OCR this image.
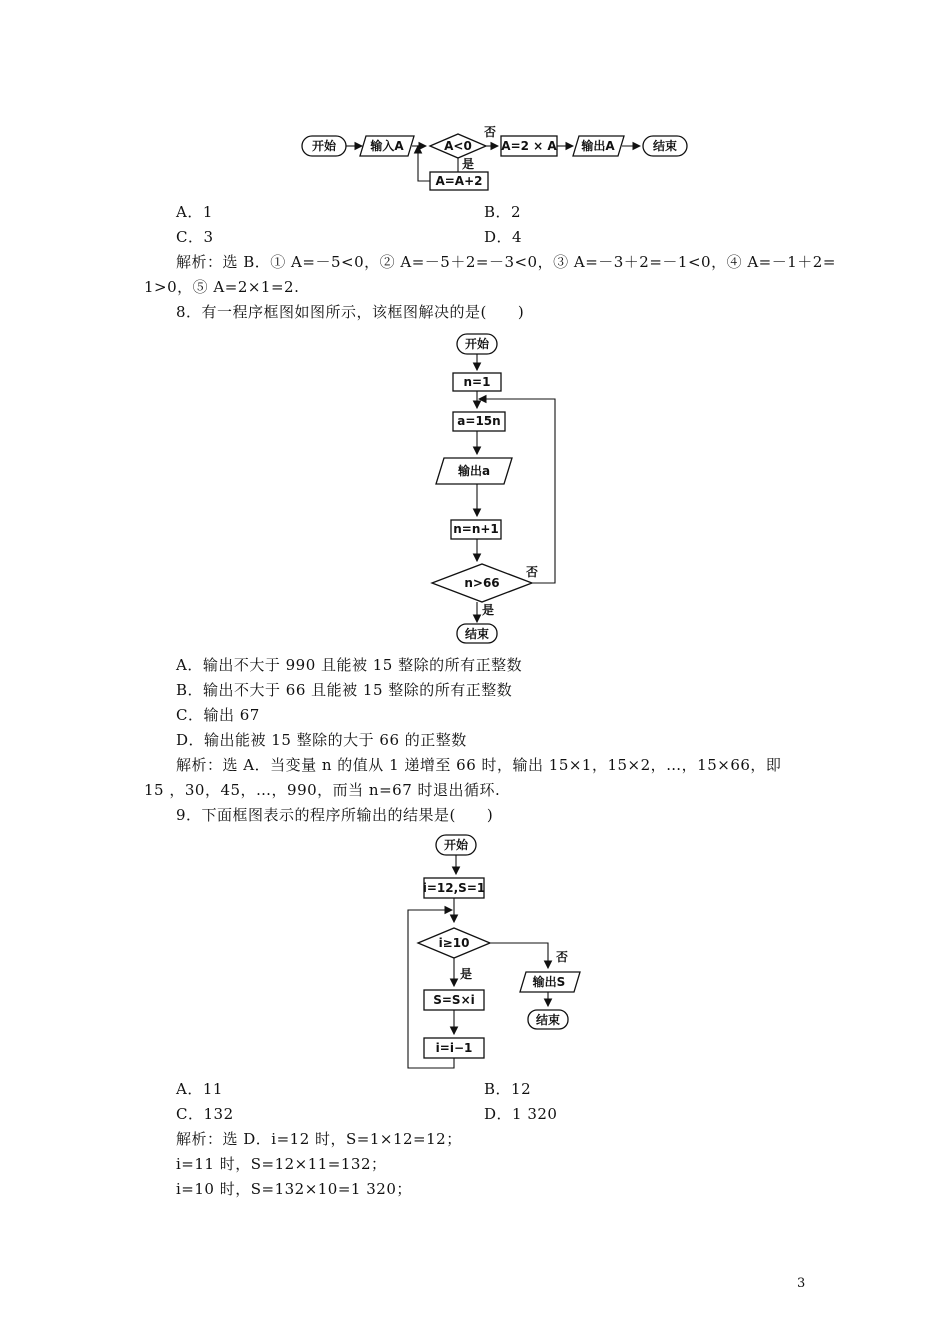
开始	输入A	A<0
否
A=2 × A 输出A	结束
是
A=A+2
A．1	B．2
C．3	D．4
解析：选 B．① A=－5<0，② A=－5＋2=－3<0，③ A=－3＋2=－1<0，④ A=－1＋2=
1>0，⑤ A=2×1=2.
8．有一程序框图如图所示，该框图解决的是(　　)
开始
n=1
a=15n
输出a
n=n+1
n>66
否
是
结束
A．输出不大于 990 且能被 15 整除的所有正整数
B．输出不大于 66 且能被 15 整除的所有正整数
C．输出 67
D．输出能被 15 整除的大于 66 的正整数
解析：选 A．当变量 n 的值从 1 递增至 66 时，输出 15×1，15×2，…，15×66，即
15 ，30，45，…，990，而当 n=67 时退出循环.
9．下面框图表示的程序所输出的结果是(　　)
开始
i=12,S=1
i≥10
否
输出S
结束
是
S=S×i
i=i−1
A．11	B．12
C．132	D．1 320
解析：选 D．i=12 时，S=1×12=12；
i=11 时，S=12×11=132；
i=10 时，S=132×10=1 320；
3
